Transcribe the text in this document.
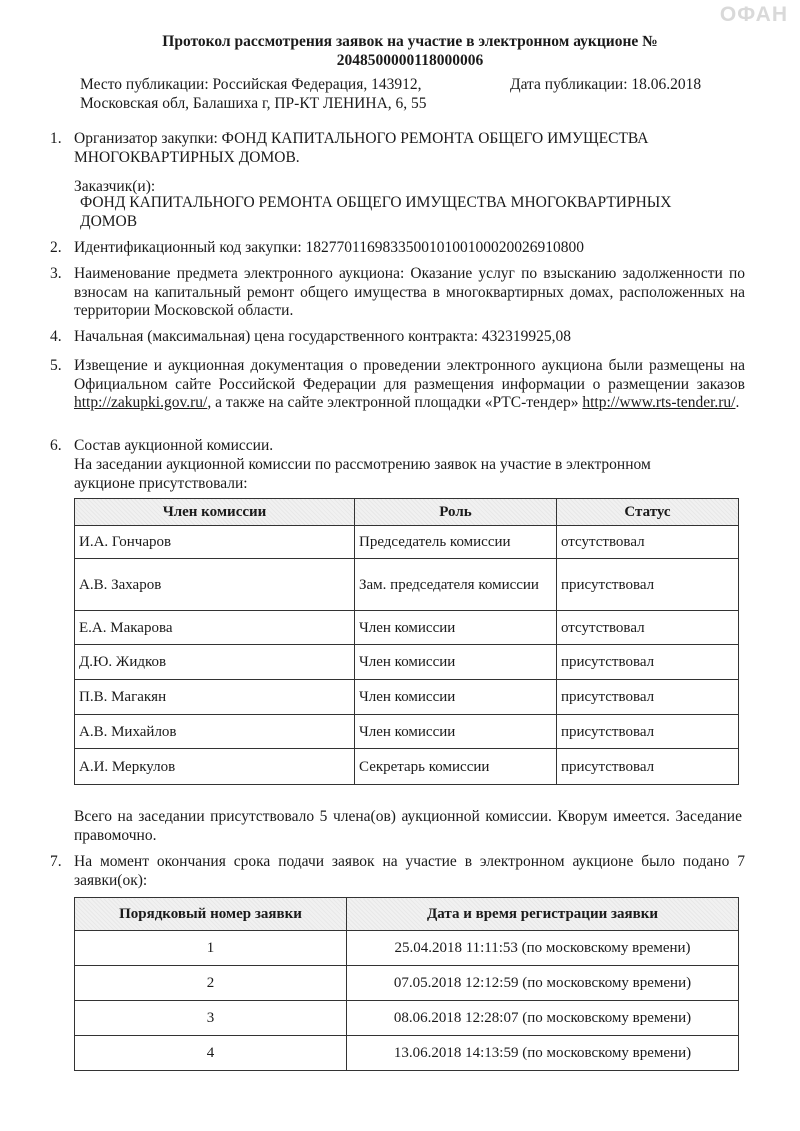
ОФАН
Протокол рассмотрения заявок на участие в электронном аукционе № 2048500000118000006
Место публикации: Российская Федерация, 143912,
Московская обл, Балашиха г, ПР-КТ ЛЕНИНА, 6, 55
Дата публикации: 18.06.2018
1. Организатор закупки: ФОНД КАПИТАЛЬНОГО РЕМОНТА ОБЩЕГО ИМУЩЕСТВА МНОГОКВАРТИРНЫХ ДОМОВ.
Заказчик(и):
ФОНД КАПИТАЛЬНОГО РЕМОНТА ОБЩЕГО ИМУЩЕСТВА МНОГОКВАРТИРНЫХ ДОМОВ
2. Идентификационный код закупки: 182770116983350010100100020026910800
3. Наименование предмета электронного аукциона: Оказание услуг по взысканию задолженности по взносам на капитальный ремонт общего имущества в многоквартирных домах, расположенных на территории Московской области.
4. Начальная (максимальная) цена государственного контракта: 432319925,08
5. Извещение и аукционная документация о проведении электронного аукциона были размещены на Официальном сайте Российской Федерации для размещения информации о размещении заказов http://zakupki.gov.ru/, а также на сайте электронной площадки «РТС-тендер» http://www.rts-tender.ru/.
6. Состав аукционной комиссии.
На заседании аукционной комиссии по рассмотрению заявок на участие в электронном аукционе присутствовали:
Член комиссии	Роль	Статус
И.А. Гончаров	Председатель комиссии	отсутствовал
А.В. Захаров	Зам. председателя комиссии	присутствовал
Е.А. Макарова	Член комиссии	отсутствовал
Д.Ю. Жидков	Член комиссии	присутствовал
П.В. Магакян	Член комиссии	присутствовал
А.В. Михайлов	Член комиссии	присутствовал
А.И. Меркулов	Секретарь комиссии	присутствовал
Всего на заседании присутствовало 5 члена(ов) аукционной комиссии. Кворум имеется. Заседание правомочно.
7. На момент окончания срока подачи заявок на участие в электронном аукционе было подано 7 заявки(ок):
Порядковый номер заявки	Дата и время регистрации заявки
1	25.04.2018 11:11:53 (по московскому времени)
2	07.05.2018 12:12:59 (по московскому времени)
3	08.06.2018 12:28:07 (по московскому времени)
4	13.06.2018 14:13:59 (по московскому времени)
